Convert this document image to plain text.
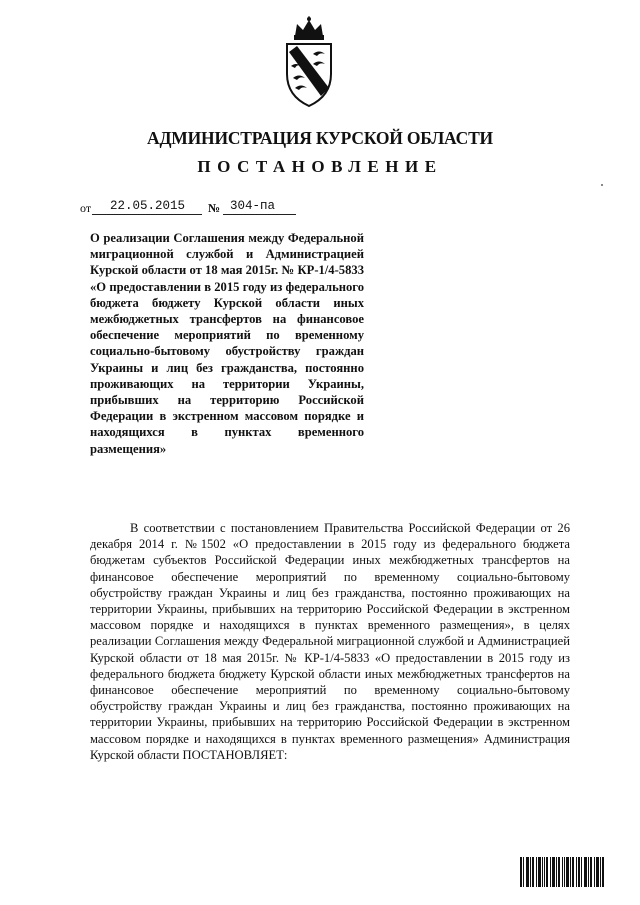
АДМИНИСТРАЦИЯ КУРСКОЙ ОБЛАСТИ
ПОСТАНОВЛЕНИЕ
от 22.05.2015 № 304-па

О реализации Соглашения между Федеральной миграционной службой и Администрацией Курской области от 18 мая 2015г. № КР-1/4-5833 «О предоставлении в 2015 году из федерального бюджета бюджету Курской области иных межбюджетных трансфертов на финансовое обеспечение мероприятий по временному социально-бытовому обустройству граждан Украины и лиц без гражданства, постоянно проживающих на территории Украины, прибывших на территорию Российской Федерации в экстренном массовом порядке и находящихся в пунктах временного размещения»

В соответствии с постановлением Правительства Российской Федерации от 26 декабря 2014 г. №1502 «О предоставлении в 2015 году из федерального бюджета бюджетам субъектов Российской Федерации иных межбюджетных трансфертов на финансовое обеспечение мероприятий по временному социально-бытовому обустройству граждан Украины и лиц без гражданства, постоянно проживающих на территории Украины, прибывших на территорию Российской Федерации в экстренном массовом порядке и находящихся в пунктах временного размещения», в целях реализации Соглашения между Федеральной миграционной службой и Администрацией Курской области от 18 мая 2015г. № КР-1/4-5833 «О предоставлении в 2015 году из федерального бюджета бюджету Курской области иных межбюджетных трансфертов на финансовое обеспечение мероприятий по временному социально-бытовому обустройству граждан Украины и лиц без гражданства, постоянно проживающих на территории Украины, прибывших на территорию Российской Федерации в экстренном массовом порядке и находящихся в пунктах временного размещения» Администрация Курской области ПОСТАНОВЛЯЕТ:
